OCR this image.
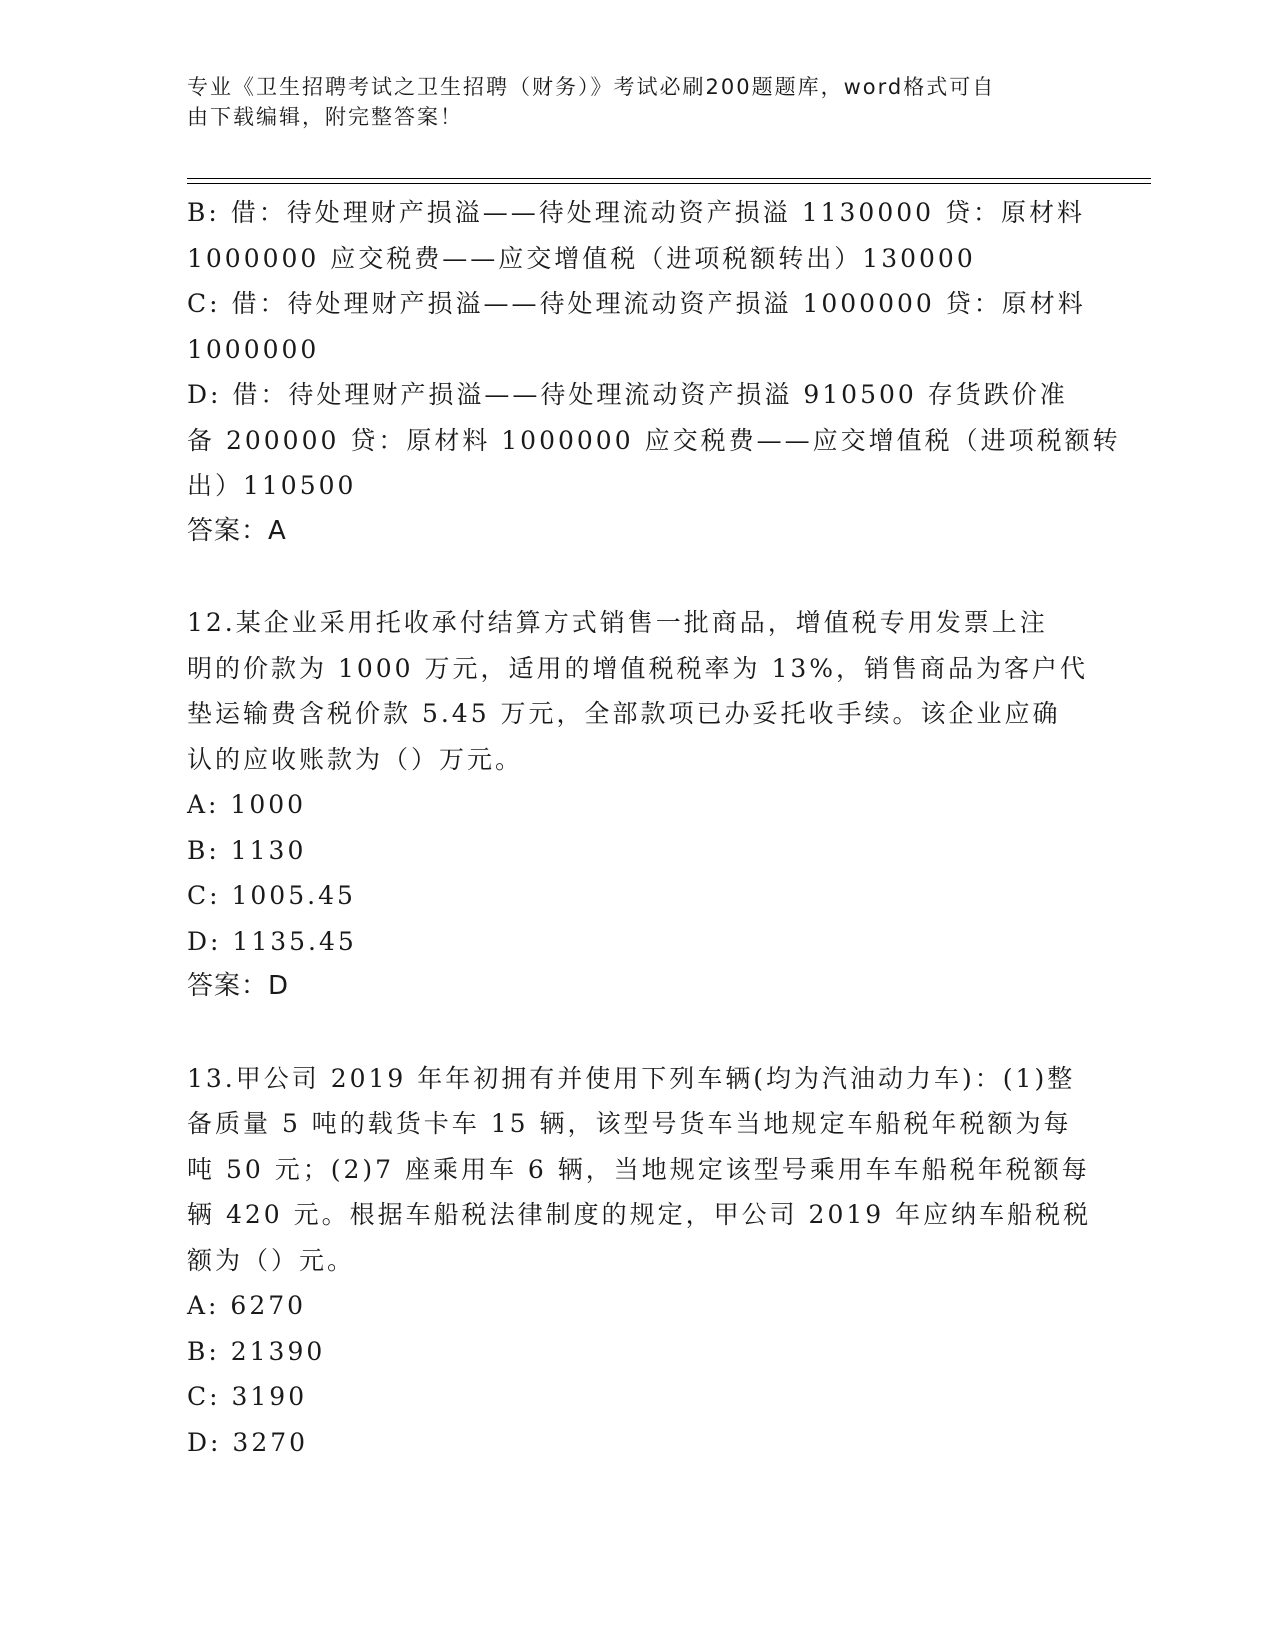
专业《卫生招聘考试之卫生招聘（财务）》考试必刷200题题库，word格式可自
由下载编辑，附完整答案！
B: 借：待处理财产损溢——待处理流动资产损溢 1130000 贷：原材料
1000000 应交税费——应交增值税（进项税额转出）130000
C: 借：待处理财产损溢——待处理流动资产损溢 1000000 贷：原材料
1000000
D: 借：待处理财产损溢——待处理流动资产损溢 910500 存货跌价准
备 200000 贷：原材料 1000000 应交税费——应交增值税（进项税额转
出）110500
答案：A
12.某企业采用托收承付结算方式销售一批商品，增值税专用发票上注
明的价款为 1000 万元，适用的增值税税率为 13%，销售商品为客户代
垫运输费含税价款 5.45 万元，全部款项已办妥托收手续。该企业应确
认的应收账款为（）万元。
A: 1000
B: 1130
C: 1005.45
D: 1135.45
答案：D
13.甲公司 2019 年年初拥有并使用下列车辆(均为汽油动力车)：(1)整
备质量 5 吨的载货卡车 15 辆，该型号货车当地规定车船税年税额为每
吨 50 元；(2)7 座乘用车 6 辆，当地规定该型号乘用车车船税年税额每
辆 420 元。根据车船税法律制度的规定，甲公司 2019 年应纳车船税税
额为（）元。
A: 6270
B: 21390
C: 3190
D: 3270
